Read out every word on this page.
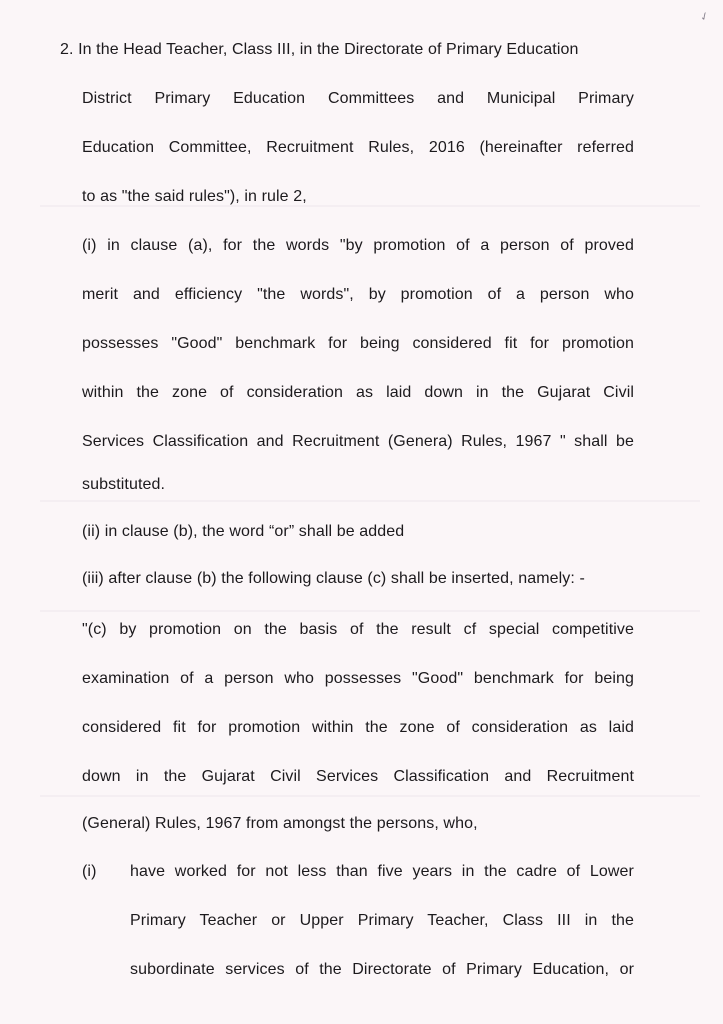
✓
2. In the Head Teacher, Class III, in the Directorate of Primary Education
District Primary Education Committees and Municipal Primary
Education Committee, Recruitment Rules, 2016 (hereinafter referred
to as "the said rules"), in rule 2,
(i) in clause (a), for the words "by promotion of a person of proved
merit and efficiency "the words", by promotion of a person who
possesses "Good" benchmark for being considered fit for promotion
within the zone of consideration as laid down in the Gujarat Civil
Services Classification and Recruitment (Genera) Rules, 1967 " shall be
substituted.
(ii) in clause (b), the word “or” shall be added
(iii) after clause (b) the following clause (c) shall be inserted, namely: -
"(c) by promotion on the basis of the result cf special competitive
examination of a person who possesses "Good" benchmark for being
considered fit for promotion within the zone of consideration as laid
down in the Gujarat Civil Services Classification and Recruitment
(General) Rules, 1967 from amongst the persons, who,
(i) have worked for not less than five years in the cadre of Lower
Primary Teacher or Upper Primary Teacher, Class III in the
subordinate services of the Directorate of Primary Education, or
